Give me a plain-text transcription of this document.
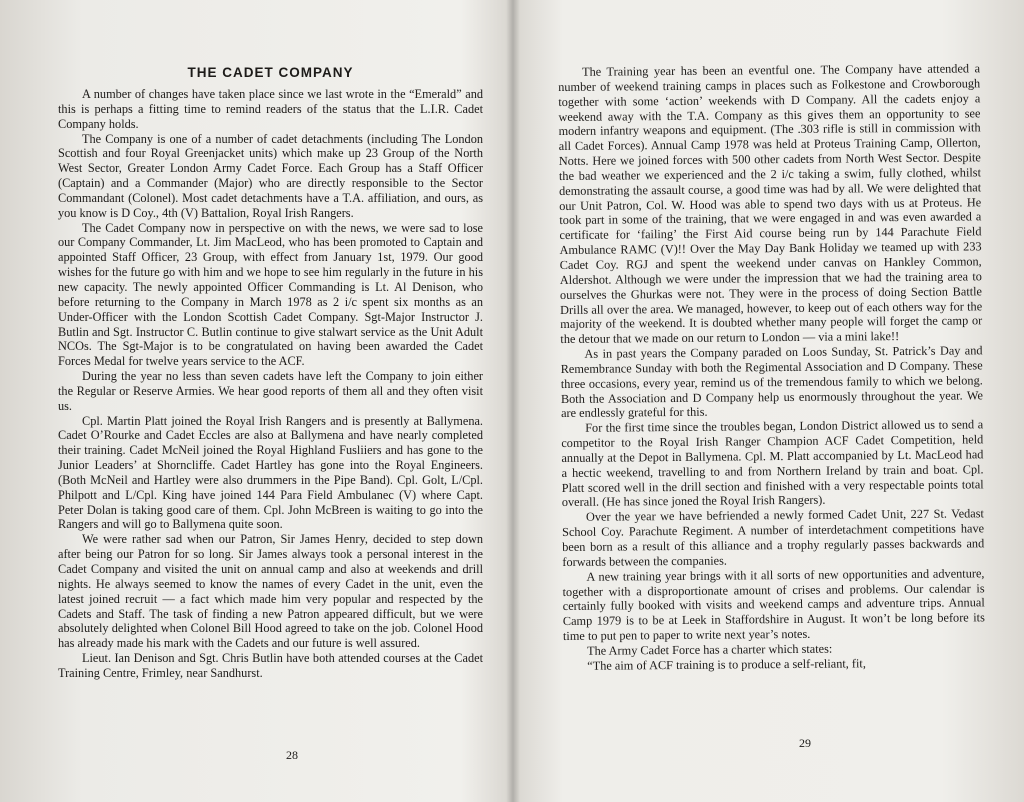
THE CADET COMPANY

A number of changes have taken place since we last wrote in the “Emerald” and this is perhaps a fitting time to remind readers of the status that the L.I.R. Cadet Company holds.

The Company is one of a number of cadet detachments (including The London Scottish and four Royal Greenjacket units) which make up 23 Group of the North West Sector, Greater London Army Cadet Force. Each Group has a Staff Officer (Captain) and a Commander (Major) who are directly responsible to the Sector Commandant (Colonel). Most cadet detachments have a T.A. affiliation, and ours, as you know is D Coy., 4th (V) Battalion, Royal Irish Rangers.

The Cadet Company now in perspective on with the news, we were sad to lose our Company Commander, Lt. Jim MacLeod, who has been promoted to Captain and appointed Staff Officer, 23 Group, with effect from January 1st, 1979. Our good wishes for the future go with him and we hope to see him regularly in the future in his new capacity. The newly appointed Officer Commanding is Lt. Al Denison, who before returning to the Company in March 1978 as 2 i/c spent six months as an Under-Officer with the London Scottish Cadet Company. Sgt-Major Instructor J. Butlin and Sgt. Instructor C. Butlin continue to give stalwart service as the Unit Adult NCOs. The Sgt-Major is to be congratulated on having been awarded the Cadet Forces Medal for twelve years service to the ACF.

During the year no less than seven cadets have left the Company to join either the Regular or Reserve Armies. We hear good reports of them all and they often visit us.

Cpl. Martin Platt joined the Royal Irish Rangers and is presently at Ballymena. Cadet O’Rourke and Cadet Eccles are also at Ballymena and have nearly completed their training. Cadet McNeil joined the Royal Highland Fusliiers and has gone to the Junior Leaders’ at Shorncliffe. Cadet Hartley has gone into the Royal Engineers. (Both McNeil and Hartley were also drummers in the Pipe Band). Cpl. Golt, L/Cpl. Philpott and L/Cpl. King have joined 144 Para Field Ambulanec (V) where Capt. Peter Dolan is taking good care of them. Cpl. John McBreen is waiting to go into the Rangers and will go to Ballymena quite soon.

We were rather sad when our Patron, Sir James Henry, decided to step down after being our Patron for so long. Sir James always took a personal interest in the Cadet Company and visited the unit on annual camp and also at weekends and drill nights. He always seemed to know the names of every Cadet in the unit, even the latest joined recruit — a fact which made him very popular and respected by the Cadets and Staff. The task of finding a new Patron appeared difficult, but we were absolutely delighted when Colonel Bill Hood agreed to take on the job. Colonel Hood has already made his mark with the Cadets and our future is well assured.

Lieut. Ian Denison and Sgt. Chris Butlin have both attended courses at the Cadet Training Centre, Frimley, near Sandhurst.

28

The Training year has been an eventful one. The Company have attended a number of weekend training camps in places such as Folkestone and Crowborough together with some ‘action’ weekends with D Company. All the cadets enjoy a weekend away with the T.A. Company as this gives them an opportunity to see modern infantry weapons and equipment. (The .303 rifle is still in commission with all Cadet Forces). Annual Camp 1978 was held at Proteus Training Camp, Ollerton, Notts. Here we joined forces with 500 other cadets from North West Sector. Despite the bad weather we experienced and the 2 i/c taking a swim, fully clothed, whilst demonstrating the assault course, a good time was had by all. We were delighted that our Unit Patron, Col. W. Hood was able to spend two days with us at Proteus. He took part in some of the training, that we were engaged in and was even awarded a certificate for ‘failing’ the First Aid course being run by 144 Parachute Field Ambulance RAMC (V)!! Over the May Day Bank Holiday we teamed up with 233 Cadet Coy. RGJ and spent the weekend under canvas on Hankley Common, Aldershot. Although we were under the impression that we had the training area to ourselves the Ghurkas were not. They were in the process of doing Section Battle Drills all over the area. We managed, however, to keep out of each others way for the majority of the weekend. It is doubted whether many people will forget the camp or the detour that we made on our return to London — via a mini lake!!

As in past years the Company paraded on Loos Sunday, St. Patrick’s Day and Remembrance Sunday with both the Regimental Association and D Company. These three occasions, every year, remind us of the tremendous family to which we belong. Both the Association and D Company help us enormously throughout the year. We are endlessly grateful for this.

For the first time since the troubles began, London District allowed us to send a competitor to the Royal Irish Ranger Champion ACF Cadet Competition, held annually at the Depot in Ballymena. Cpl. M. Platt accompanied by Lt. MacLeod had a hectic weekend, travelling to and from Northern Ireland by train and boat. Cpl. Platt scored well in the drill section and finished with a very respectable points total overall. (He has since joned the Royal Irish Rangers).

Over the year we have befriended a newly formed Cadet Unit, 227 St. Vedast School Coy. Parachute Regiment. A number of interdetachment competitions have been born as a result of this alliance and a trophy regularly passes backwards and forwards between the companies.

A new training year brings with it all sorts of new opportunities and adventure, together with a disproportionate amount of crises and problems. Our calendar is certainly fully booked with visits and weekend camps and adventure trips. Annual Camp 1979 is to be at Leek in Staffordshire in August. It won’t be long before its time to put pen to paper to write next year’s notes.

The Army Cadet Force has a charter which states:

“The aim of ACF training is to produce a self-reliant, fit,

29
